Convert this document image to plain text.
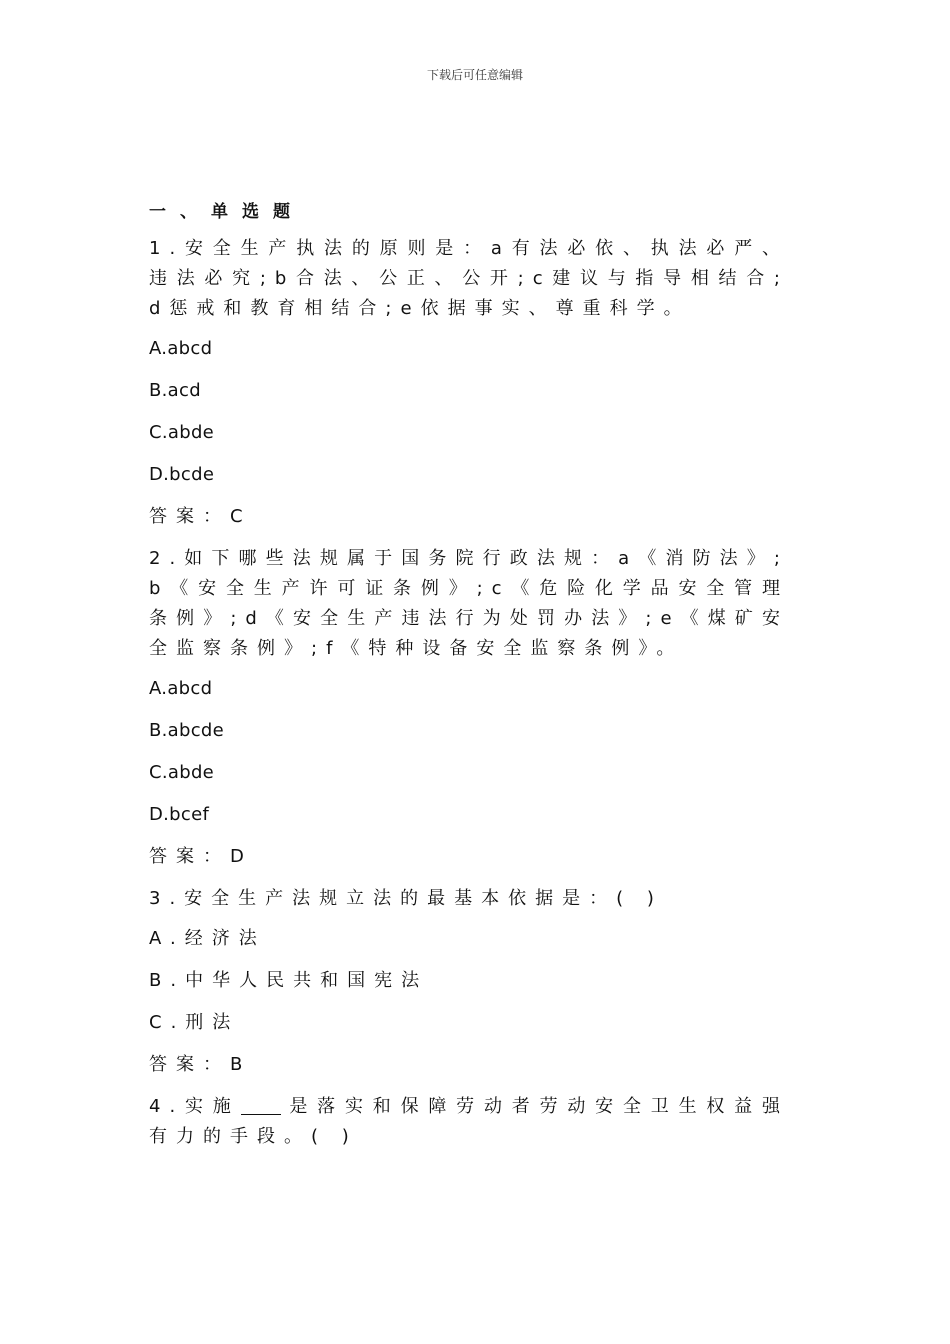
下载后可任意编辑
一、单选题
1.安全生产执法的原则是：a有法必依、执法必严、违法必究;b合法、公正、公开;c建议与指导相结合;d惩戒和教育相结合;e依据事实、尊重科学。
A.abcd
B.acd
C.abde
D.bcde
答案：C
2.如下哪些法规属于国务院行政法规：a《消防法》;b《安全生产许可证条例》;c《危险化学品安全管理条例》;d《安全生产违法行为处罚办法》;e《煤矿安全监察条例》;f《特种设备安全监察条例》。
A.abcd
B.abcde
C.abde
D.bcef
答案：D
3.安全生产法规立法的最基本依据是：( )
A.经济法
B.中华人民共和国宪法
C.刑法
答案：B
4.实施	是落实和保障劳动者劳动安全卫生权益强有力的手段。( )
